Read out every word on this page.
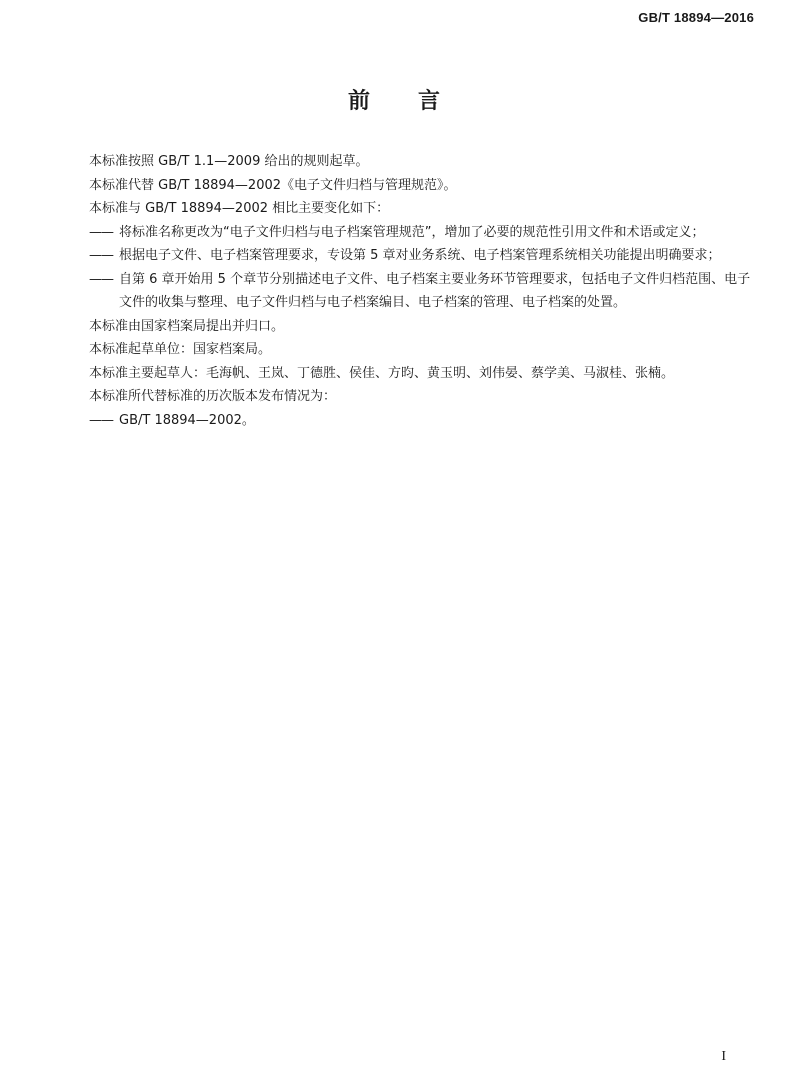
GB/T 18894—2016
前 言

本标准按照 GB/T 1.1—2009 给出的规则起草。

本标准代替 GB/T 18894—2002《电子文件归档与管理规范》。

本标准与 GB/T 18894—2002 相比主要变化如下：

—— 将标准名称更改为“电子文件归档与电子档案管理规范”，增加了必要的规范性引用文件和术语或定义；

—— 根据电子文件、电子档案管理要求，专设第 5 章对业务系统、电子档案管理系统相关功能提出明确要求；

—— 自第 6 章开始用 5 个章节分别描述电子文件、电子档案主要业务环节管理要求，包括电子文件归档范围、电子文件的收集与整理、电子文件归档与电子档案编目、电子档案的管理、电子档案的处置。

本标准由国家档案局提出并归口。

本标准起草单位：国家档案局。

本标准主要起草人：毛海帆、王岚、丁德胜、侯佳、方昀、黄玉明、刘伟晏、蔡学美、马淑桂、张楠。

本标准所代替标准的历次版本发布情况为：

—— GB/T 18894—2002。

I
